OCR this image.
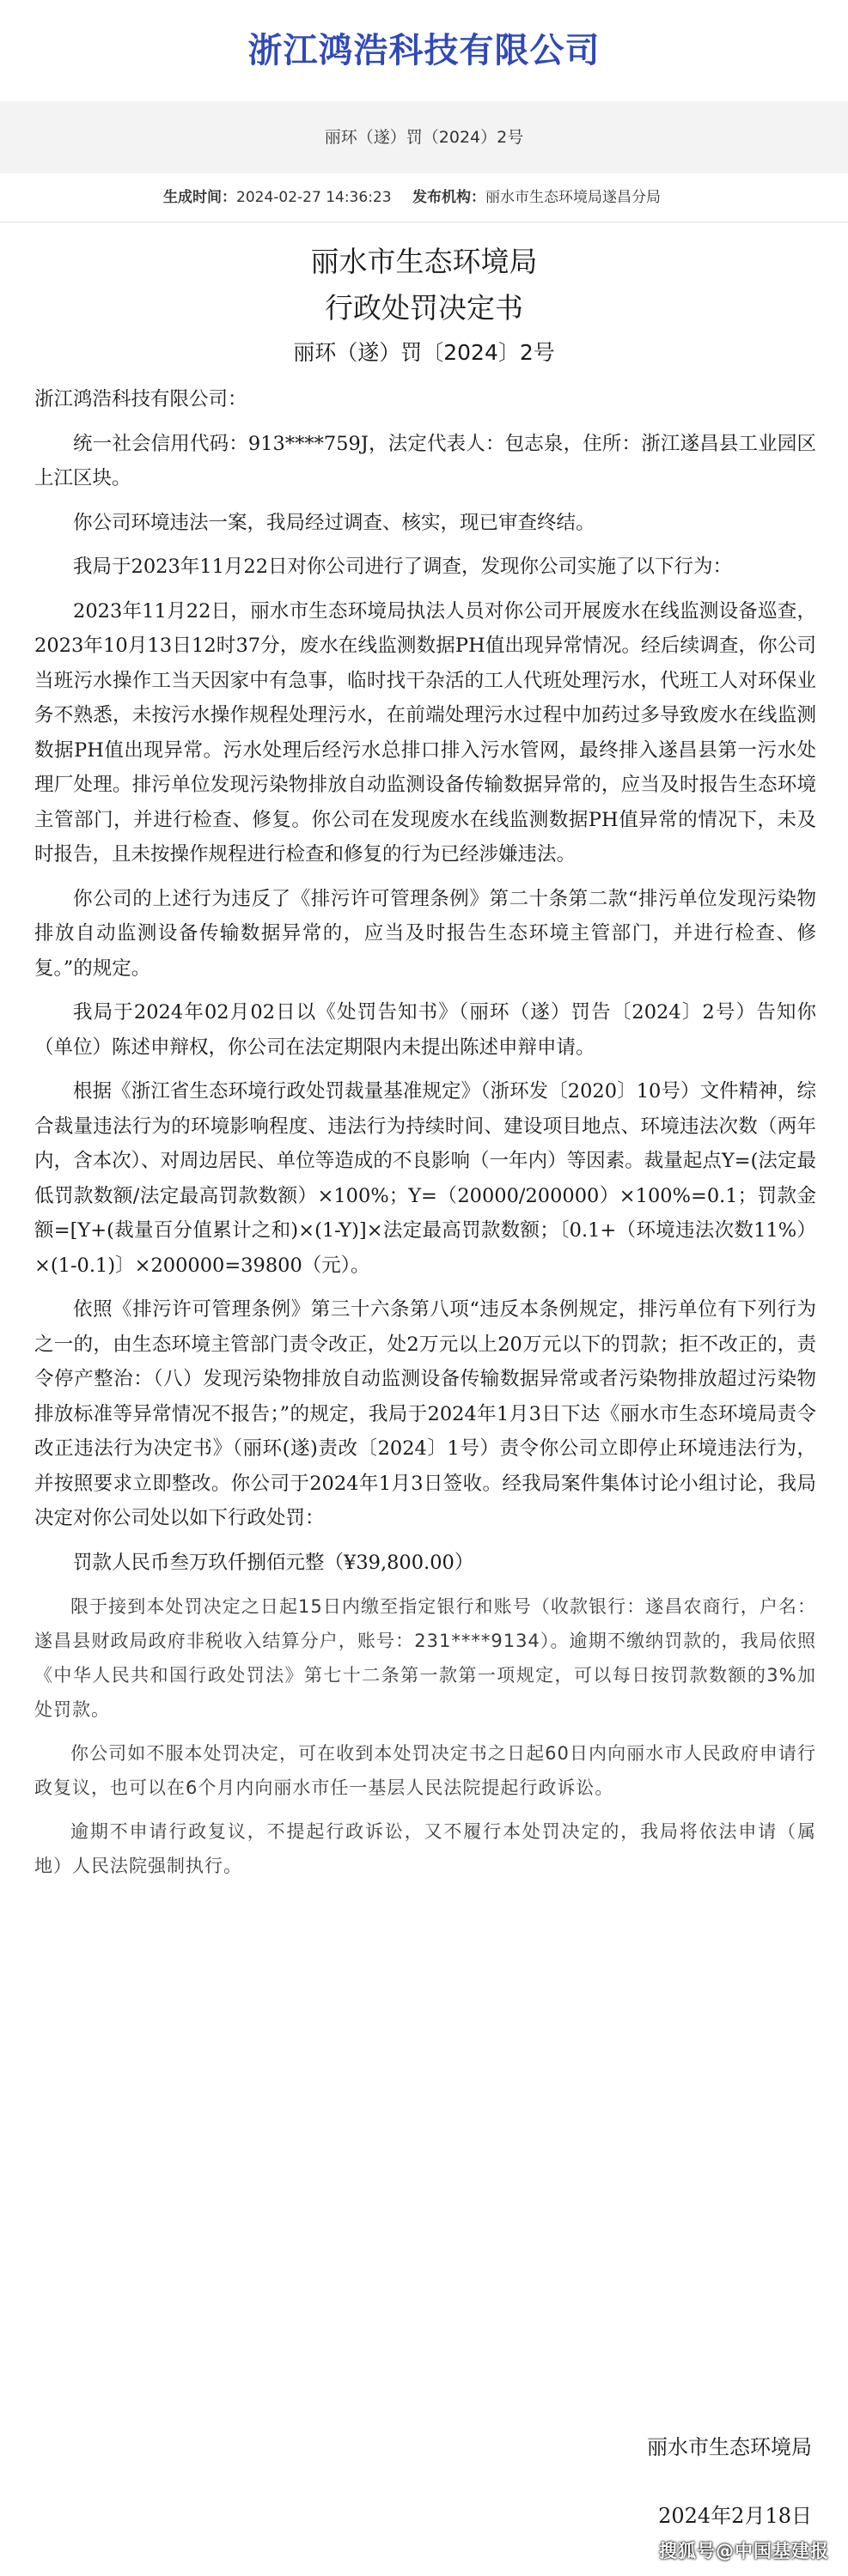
浙江鸿浩科技有限公司
丽环（遂）罚（2024）2号
生成时间：2024-02-27 14:36:23 发布机构：丽水市生态环境局遂昌分局
丽水市生态环境局
行政处罚决定书
丽环（遂）罚〔2024〕2号

浙江鸿浩科技有限公司：

统一社会信用代码：913****759J，法定代表人：包志泉，住所：浙江遂昌县工业园区上江区块。

你公司环境违法一案，我局经过调查、核实，现已审查终结。

我局于2023年11月22日对你公司进行了调查，发现你公司实施了以下行为：

2023年11月22日，丽水市生态环境局执法人员对你公司开展废水在线监测设备巡查，2023年10月13日12时37分，废水在线监测数据PH值出现异常情况。经后续调查，你公司当班污水操作工当天因家中有急事，临时找干杂活的工人代班处理污水，代班工人对环保业务不熟悉，未按污水操作规程处理污水，在前端处理污水过程中加药过多导致废水在线监测数据PH值出现异常。污水处理后经污水总排口排入污水管网，最终排入遂昌县第一污水处理厂处理。排污单位发现污染物排放自动监测设备传输数据异常的，应当及时报告生态环境主管部门，并进行检查、修复。你公司在发现废水在线监测数据PH值异常的情况下，未及时报告，且未按操作规程进行检查和修复的行为已经涉嫌违法。

你公司的上述行为违反了《排污许可管理条例》第二十条第二款“排污单位发现污染物排放自动监测设备传输数据异常的，应当及时报告生态环境主管部门，并进行检查、修复。”的规定。

我局于2024年02月02日以《处罚告知书》（丽环（遂）罚告〔2024〕2号）告知你（单位）陈述申辩权，你公司在法定期限内未提出陈述申辩申请。

根据《浙江省生态环境行政处罚裁量基准规定》（浙环发〔2020〕10号）文件精神，综合裁量违法行为的环境影响程度、违法行为持续时间、建设项目地点、环境违法次数（两年内，含本次）、对周边居民、单位等造成的不良影响（一年内）等因素。裁量起点Y=(法定最低罚款数额/法定最高罚款数额）×100%；Y=（20000/200000）×100%=0.1；罚款金额=[Y+(裁量百分值累计之和)×(1-Y)]×法定最高罚款数额；〔0.1+（环境违法次数11%）×(1-0.1)〕×200000=39800（元）。

依照《排污许可管理条例》第三十六条第八项“违反本条例规定，排污单位有下列行为之一的，由生态环境主管部门责令改正，处2万元以上20万元以下的罚款；拒不改正的，责令停产整治：（八）发现污染物排放自动监测设备传输数据异常或者污染物排放超过污染物排放标准等异常情况不报告；”的规定，我局于2024年1月3日下达《丽水市生态环境局责令改正违法行为决定书》（丽环(遂)责改〔2024〕1号）责令你公司立即停止环境违法行为，并按照要求立即整改。你公司于2024年1月3日签收。经我局案件集体讨论小组讨论，我局决定对你公司处以如下行政处罚：

罚款人民币叁万玖仟捌佰元整（¥39,800.00）

限于接到本处罚决定之日起15日内缴至指定银行和账号（收款银行：遂昌农商行，户名：遂昌县财政局政府非税收入结算分户，账号：231****9134）。逾期不缴纳罚款的，我局依照《中华人民共和国行政处罚法》第七十二条第一款第一项规定，可以每日按罚款数额的3%加处罚款。

你公司如不服本处罚决定，可在收到本处罚决定书之日起60日内向丽水市人民政府申请行政复议，也可以在6个月内向丽水市任一基层人民法院提起行政诉讼。

逾期不申请行政复议，不提起行政诉讼，又不履行本处罚决定的，我局将依法申请（属地）人民法院强制执行。

丽水市生态环境局
2024年2月18日
搜狐号@中国基建报
